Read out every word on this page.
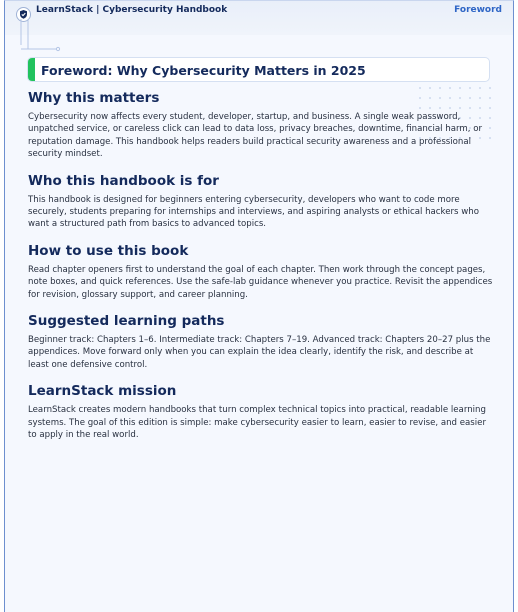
LearnStack | Cybersecurity Handbook	Foreword
Foreword: Why Cybersecurity Matters in 2025
Why this matters

Cybersecurity now affects every student, developer, startup, and business. A single weak password, unpatched service, or careless click can lead to data loss, privacy breaches, downtime, financial harm, or reputation damage. This handbook helps readers build practical security awareness and a professional security mindset.

Who this handbook is for

This handbook is designed for beginners entering cybersecurity, developers who want to code more securely, students preparing for internships and interviews, and aspiring analysts or ethical hackers who want a structured path from basics to advanced topics.

How to use this book

Read chapter openers first to understand the goal of each chapter. Then work through the concept pages, note boxes, and quick references. Use the safe-lab guidance whenever you practice. Revisit the appendices for revision, glossary support, and career planning.

Suggested learning paths

Beginner track: Chapters 1–6. Intermediate track: Chapters 7–19. Advanced track: Chapters 20–27 plus the appendices. Move forward only when you can explain the idea clearly, identify the risk, and describe at least one defensive control.

LearnStack mission

LearnStack creates modern handbooks that turn complex technical topics into practical, readable learning systems. The goal of this edition is simple: make cybersecurity easier to learn, easier to revise, and easier to apply in the real world.
